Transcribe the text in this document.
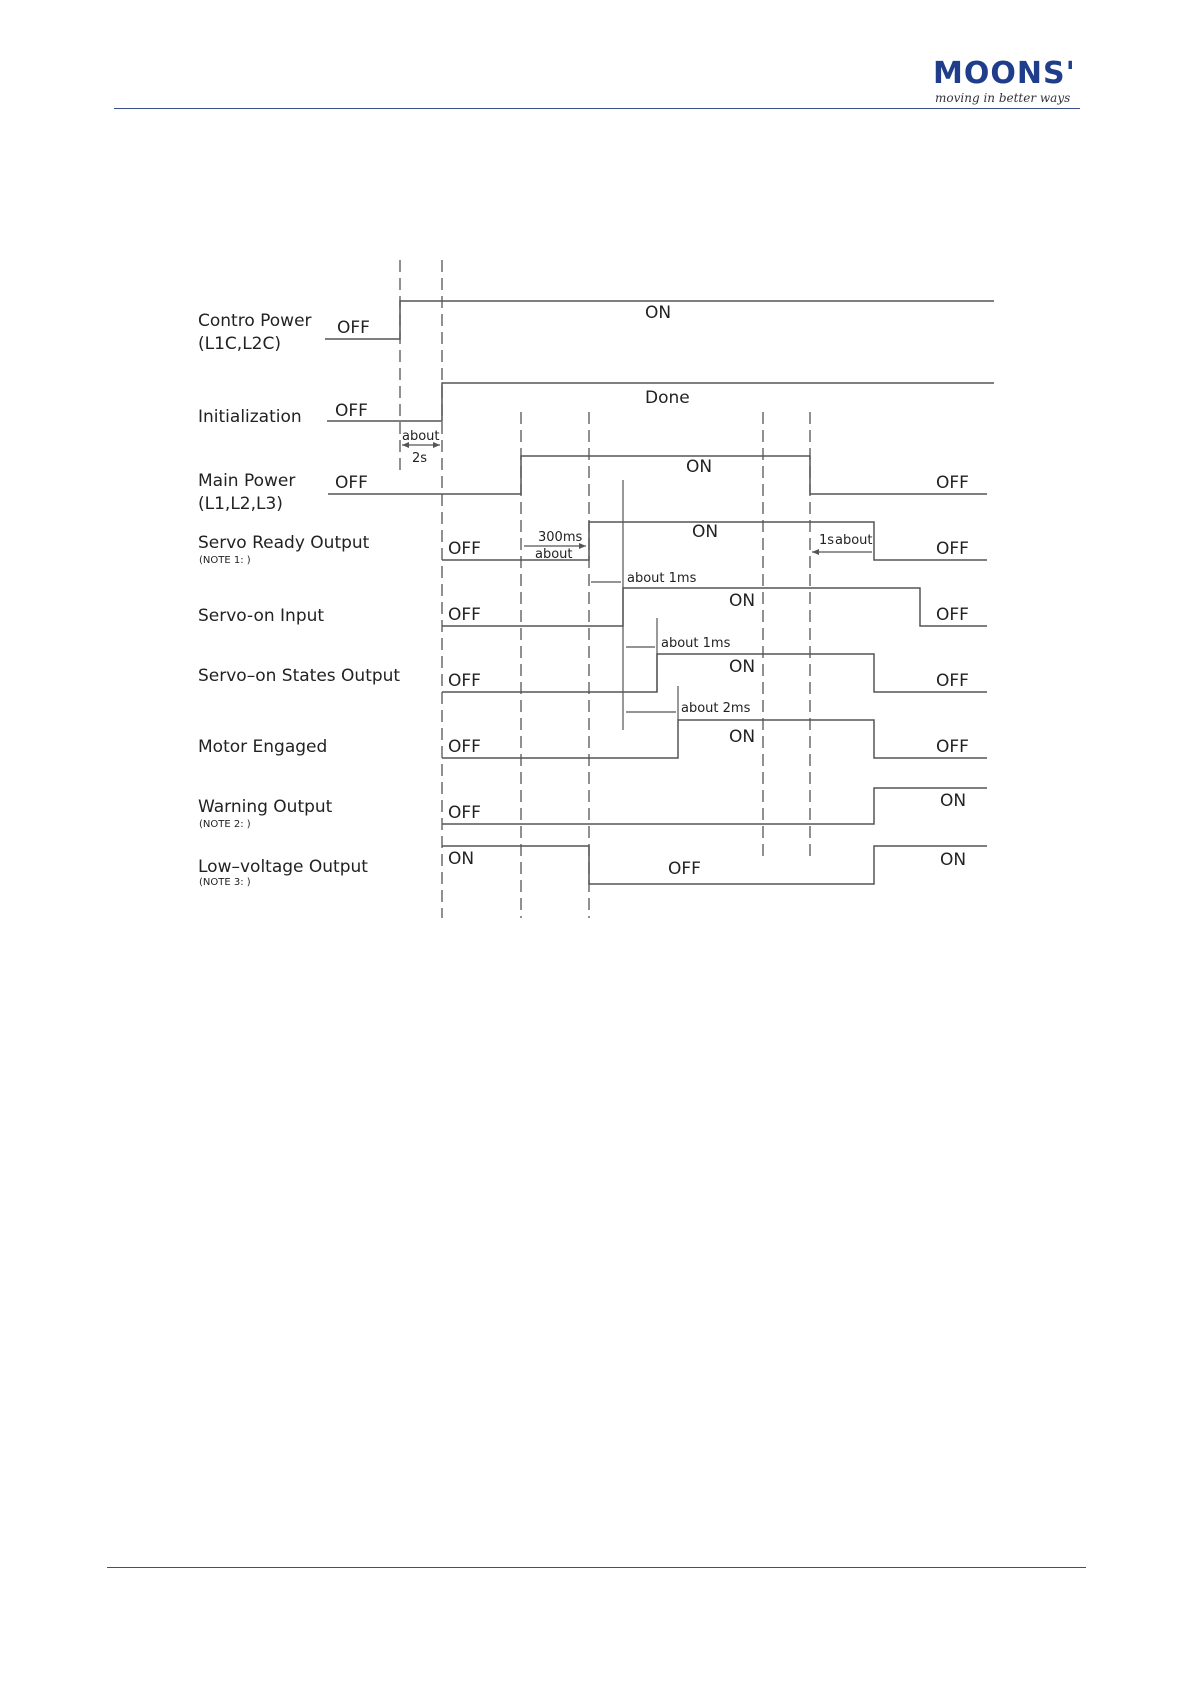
MOONS'
moving in better ways
Contro Power
(L1C,L2C)
Initialization
Main Power
(L1,L2,L3)
Servo Ready Output
(NOTE 1: )
Servo-on Input
Servo–on States Output
Motor Engaged
Warning Output
(NOTE 2: )
Low–voltage Output
(NOTE 3: )
OFF
ON
OFF
Done
OFF
ON
OFF
OFF
ON
OFF
OFF
ON
OFF
OFF
ON
OFF
OFF	ON	OFF
OFF
ON
ON	OFF	ON
about
2s
300ms
about
about 1ms
about 1ms
about 2ms
1s about
